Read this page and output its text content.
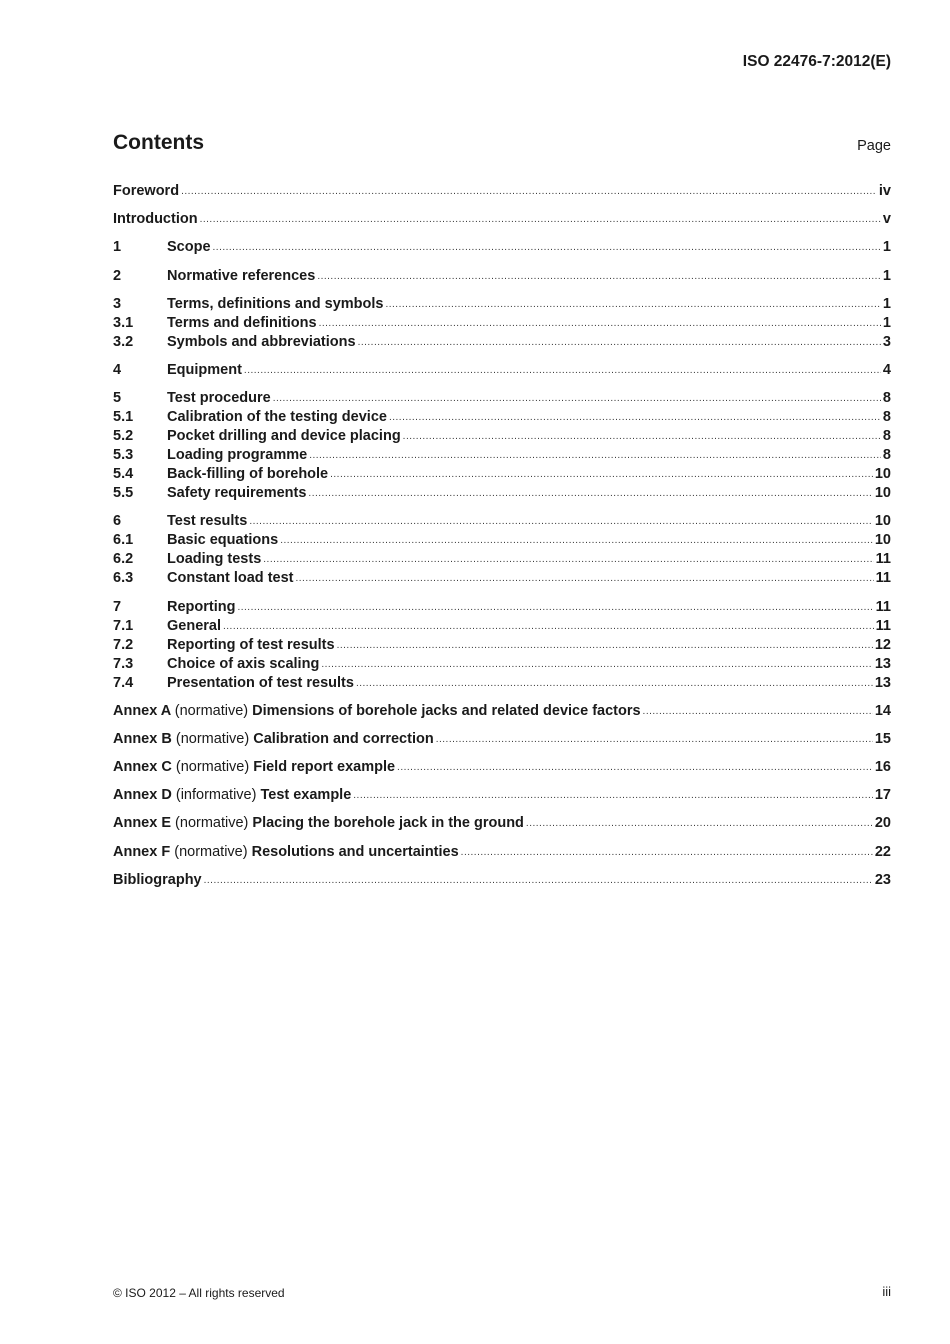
ISO 22476-7:2012(E)
Contents	Page
Foreword .....	iv
Introduction .....	v
1	Scope .....	1
2	Normative references .....	1
3	Terms, definitions and symbols .....	1
3.1	Terms and definitions .....	1
3.2	Symbols and abbreviations .....	3
4	Equipment .....	4
5	Test procedure .....	8
5.1	Calibration of the testing device .....	8
5.2	Pocket drilling and device placing .....	8
5.3	Loading programme .....	8
5.4	Back-filling of borehole .....	10
5.5	Safety requirements .....	10
6	Test results .....	10
6.1	Basic equations .....	10
6.2	Loading tests .....	11
6.3	Constant load test .....	11
7	Reporting .....	11
7.1	General .....	11
7.2	Reporting of test results .....	12
7.3	Choice of axis scaling .....	13
7.4	Presentation of test results .....	13
Annex A (normative) Dimensions of borehole jacks and related device factors .....	14
Annex B (normative) Calibration and correction .....	15
Annex C (normative) Field report example .....	16
Annex D (informative) Test example .....	17
Annex E (normative) Placing the borehole jack in the ground .....	20
Annex F (normative) Resolutions and uncertainties .....	22
Bibliography .....	23
© ISO 2012 – All rights reserved	iii
